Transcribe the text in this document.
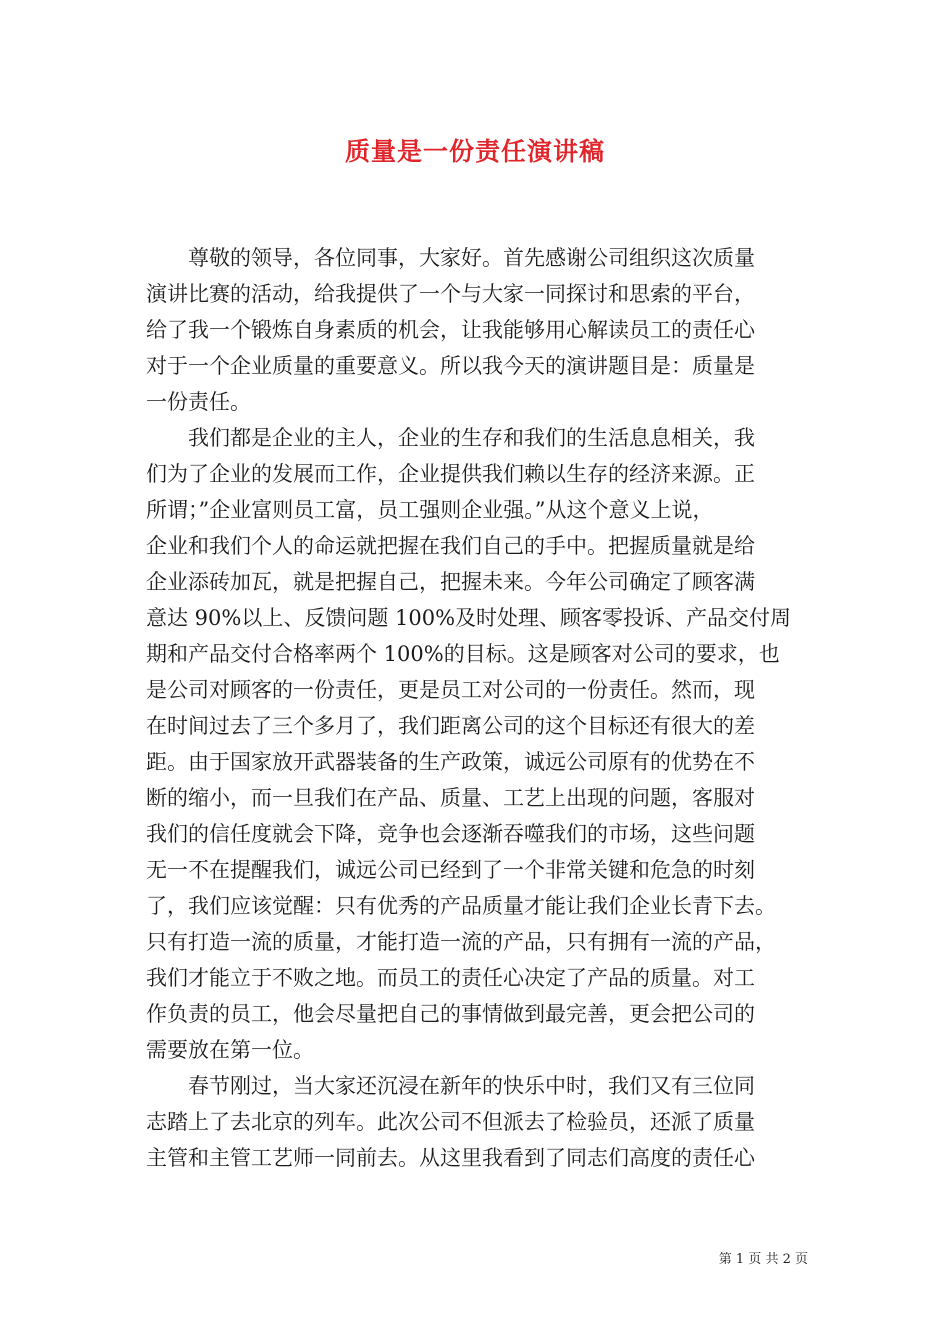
质量是一份责任演讲稿
尊敬的领导，各位同事，大家好。首先感谢公司组织这次质量
演讲比赛的活动，给我提供了一个与大家一同探讨和思索的平台，
给了我一个锻炼自身素质的机会，让我能够用心解读员工的责任心
对于一个企业质量的重要意义。所以我今天的演讲题目是：质量是
一份责任。
我们都是企业的主人，企业的生存和我们的生活息息相关，我
们为了企业的发展而工作，企业提供我们赖以生存的经济来源。正
所谓；”企业富则员工富，员工强则企业强。”从这个意义上说，
企业和我们个人的命运就把握在我们自己的手中。把握质量就是给
企业添砖加瓦，就是把握自己，把握未来。今年公司确定了顾客满
意达 90%以上、反馈问题 100%及时处理、顾客零投诉、产品交付周
期和产品交付合格率两个 100%的目标。这是顾客对公司的要求，也
是公司对顾客的一份责任，更是员工对公司的一份责任。然而，现
在时间过去了三个多月了，我们距离公司的这个目标还有很大的差
距。由于国家放开武器装备的生产政策，诚远公司原有的优势在不
断的缩小，而一旦我们在产品、质量、工艺上出现的问题，客服对
我们的信任度就会下降，竞争也会逐渐吞噬我们的市场，这些问题
无一不在提醒我们，诚远公司已经到了一个非常关键和危急的时刻
了，我们应该觉醒：只有优秀的产品质量才能让我们企业长青下去。
只有打造一流的质量，才能打造一流的产品，只有拥有一流的产品，
我们才能立于不败之地。而员工的责任心决定了产品的质量。对工
作负责的员工，他会尽量把自己的事情做到最完善，更会把公司的
需要放在第一位。
春节刚过，当大家还沉浸在新年的快乐中时，我们又有三位同
志踏上了去北京的列车。此次公司不但派去了检验员，还派了质量
主管和主管工艺师一同前去。从这里我看到了同志们高度的责任心
第 1 页 共 2 页
